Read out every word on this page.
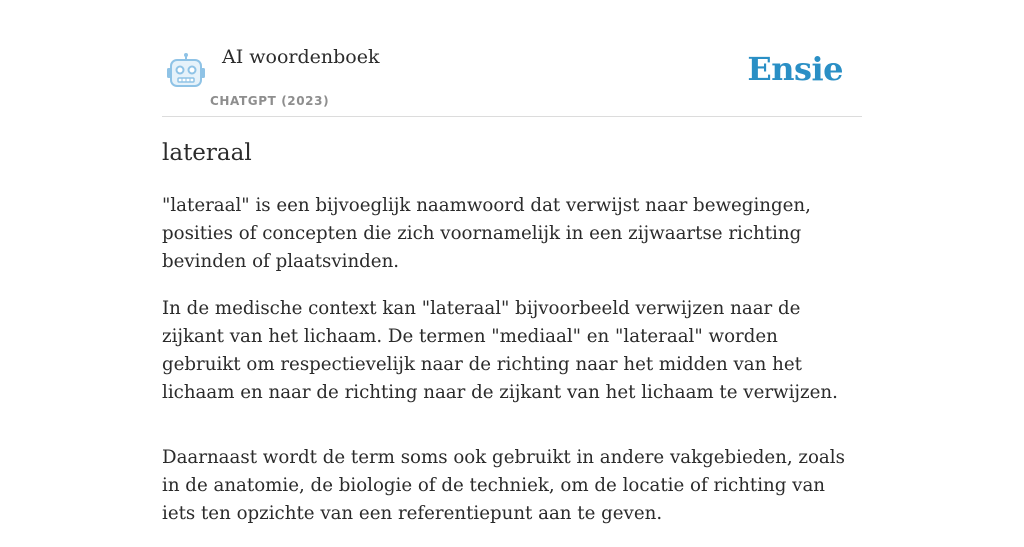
AI woordenboek
CHATGPT (2023)
Ensie
lateraal

"lateraal" is een bijvoeglijk naamwoord dat verwijst naar bewegingen, posities of concepten die zich voornamelijk in een zijwaartse richting bevinden of plaatsvinden.

In de medische context kan "lateraal" bijvoorbeeld verwijzen naar de zijkant van het lichaam. De termen "mediaal" en "lateraal" worden gebruikt om respectievelijk naar de richting naar het midden van het lichaam en naar de richting naar de zijkant van het lichaam te verwijzen.

Daarnaast wordt de term soms ook gebruikt in andere vakgebieden, zoals in de anatomie, de biologie of de techniek, om de locatie of richting van iets ten opzichte van een referentiepunt aan te geven.
